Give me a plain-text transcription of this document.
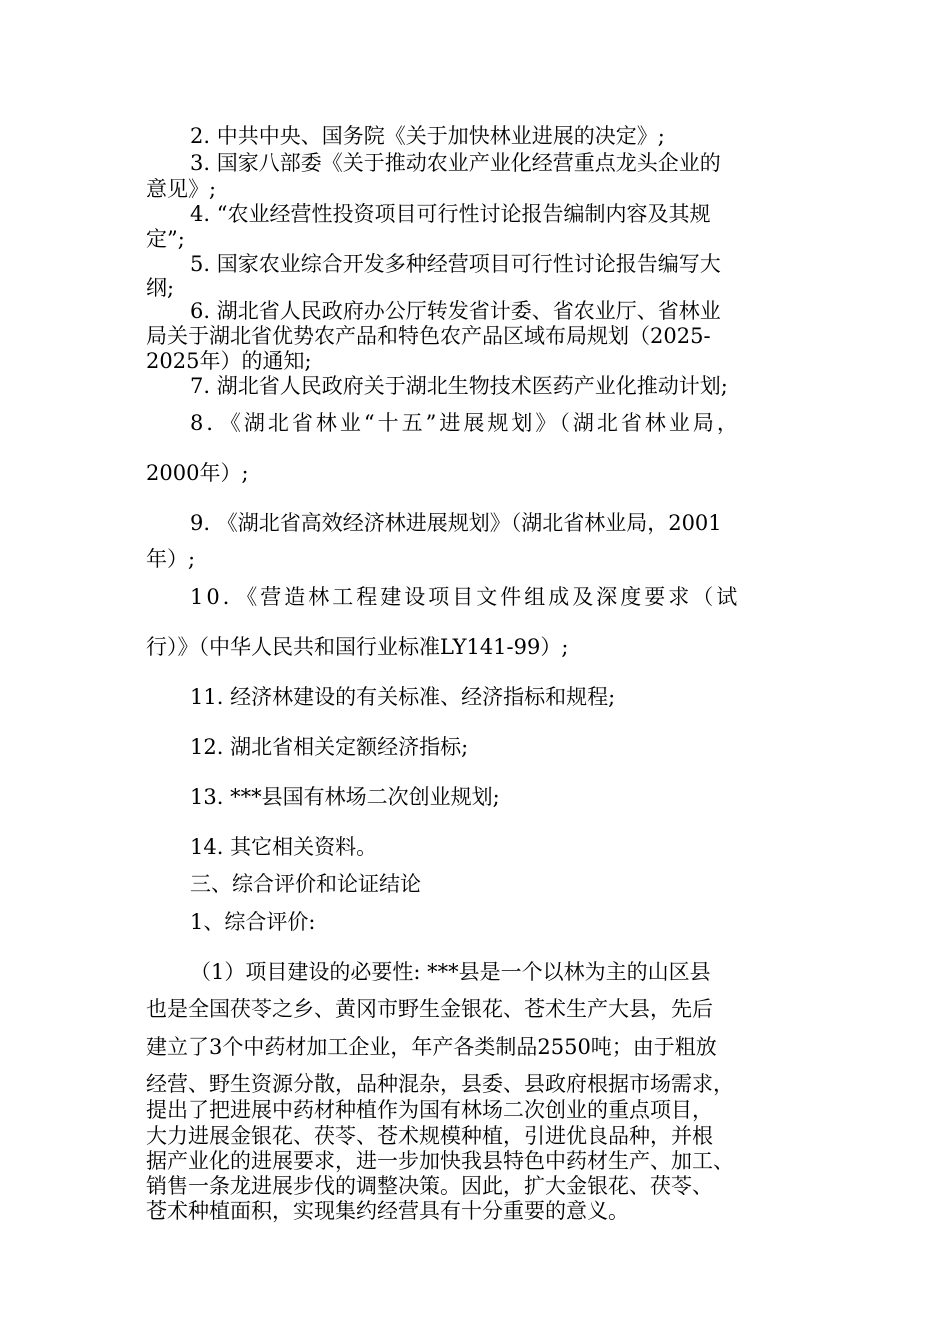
2. 中共中央、国务院《关于加快林业进展的决定》;
3. 国家八部委《关于推动农业产业化经营重点龙头企业的
意见》;
4. “农业经营性投资项目可行性讨论报告编制内容及其规
定”;
5. 国家农业综合开发多种经营项目可行性讨论报告编写大
纲;
6. 湖北省人民政府办公厅转发省计委、省农业厅、省林业
局关于湖北省优势农产品和特色农产品区域布局规划（2025-
2025年）的通知;
7. 湖北省人民政府关于湖北生物技术医药产业化推动计划;
8．《湖北省林业“十五”进展规划》（湖北省林业局，
2000年）;
9. 《湖北省高效经济林进展规划》（湖北省林业局，2001
年）;
10．《营造林工程建设项目文件组成及深度要求（试
行）》（中华人民共和国行业标准LY141-99）;
11. 经济林建设的有关标准、经济指标和规程;
12. 湖北省相关定额经济指标;
13. ***县国有林场二次创业规划;
14. 其它相关资料。
三、综合评价和论证结论
1、综合评价:
（1）项目建设的必要性: ***县是一个以林为主的山区县
也是全国茯苓之乡、黄冈市野生金银花、苍术生产大县，先后
建立了3个中药材加工企业，年产各类制品2550吨；由于粗放
经营、野生资源分散，品种混杂，县委、县政府根据市场需求，
提出了把进展中药材种植作为国有林场二次创业的重点项目，
大力进展金银花、茯苓、苍术规模种植，引进优良品种，并根
据产业化的进展要求，进一步加快我县特色中药材生产、加工、
销售一条龙进展步伐的调整决策。因此，扩大金银花、茯苓、
苍术种植面积，实现集约经营具有十分重要的意义。
